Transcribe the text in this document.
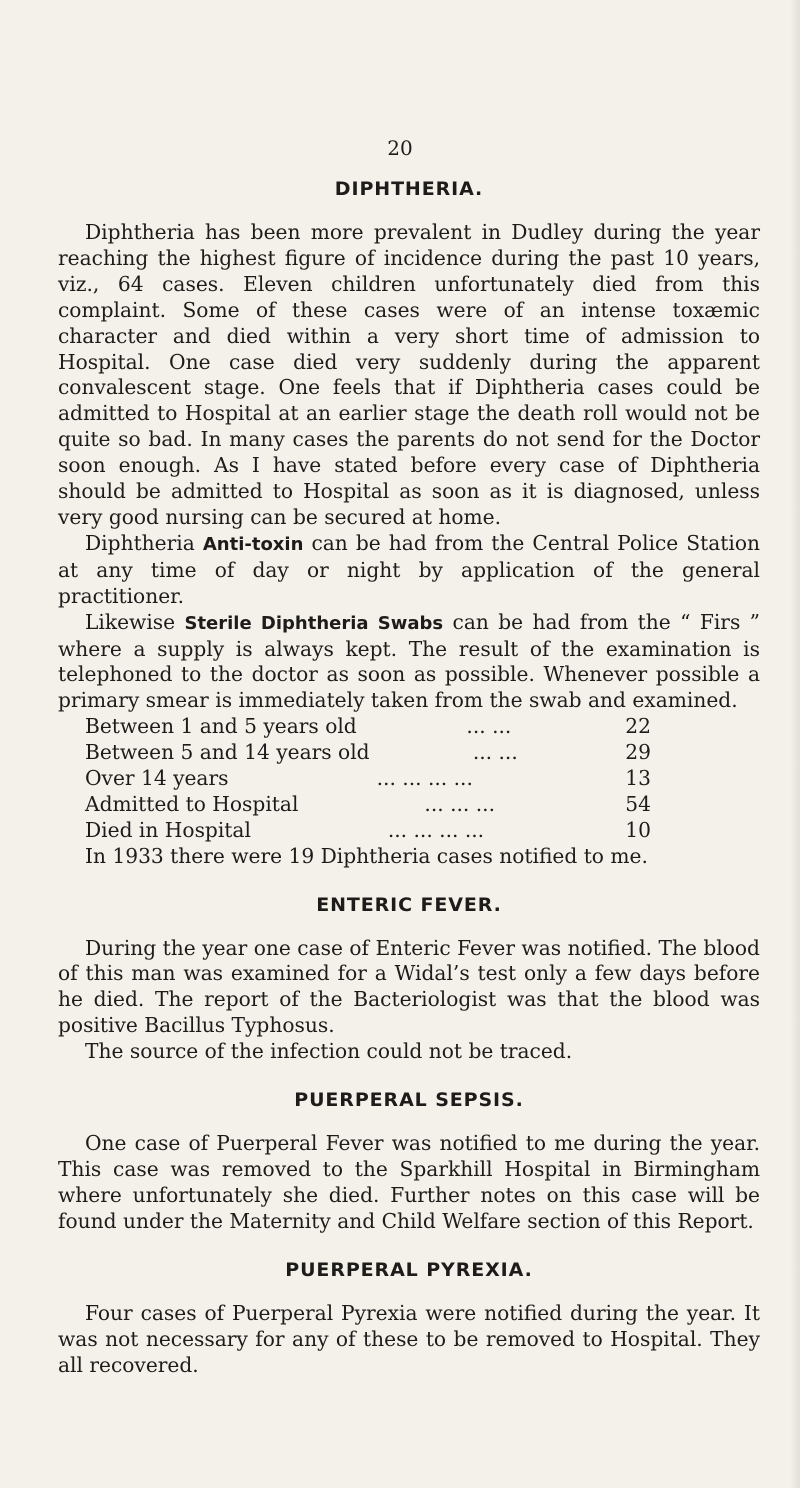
20
DIPHTHERIA.

Diphtheria has been more prevalent in Dudley during the year reaching the highest figure of incidence during the past 10 years, viz., 64 cases. Eleven children unfortunately died from this complaint. Some of these cases were of an intense toxæmic character and died within a very short time of admission to Hospital. One case died very suddenly during the apparent convalescent stage. One feels that if Diphtheria cases could be admitted to Hospital at an earlier stage the death roll would not be quite so bad. In many cases the parents do not send for the Doctor soon enough. As I have stated before every case of Diphtheria should be admitted to Hospital as soon as it is diagnosed, unless very good nursing can be secured at home.

Diphtheria Anti-toxin can be had from the Central Police Station at any time of day or night by application of the general practitioner.

Likewise Sterile Diphtheria Swabs can be had from the “ Firs ” where a supply is always kept. The result of the examination is telephoned to the doctor as soon as possible. Whenever possible a primary smear is immediately taken from the swab and examined.

Between 1 and 5 years old	... ...	22
Between 5 and 14 years old	... ...	29
Over 14 years	... ... ... ...	13
Admitted to Hospital	... ... ...	54
Died in Hospital	... ... ... ...	10
In 1933 there were 19 Diphtheria cases notified to me.
ENTERIC FEVER.

During the year one case of Enteric Fever was notified. The blood of this man was examined for a Widal’s test only a few days before he died. The report of the Bacteriologist was that the blood was positive Bacillus Typhosus.

The source of the infection could not be traced.

PUERPERAL SEPSIS.

One case of Puerperal Fever was notified to me during the year. This case was removed to the Sparkhill Hospital in Birmingham where unfortunately she died. Further notes on this case will be found under the Maternity and Child Welfare section of this Report.

PUERPERAL PYREXIA.

Four cases of Puerperal Pyrexia were notified during the year. It was not necessary for any of these to be removed to Hospital. They all recovered.
